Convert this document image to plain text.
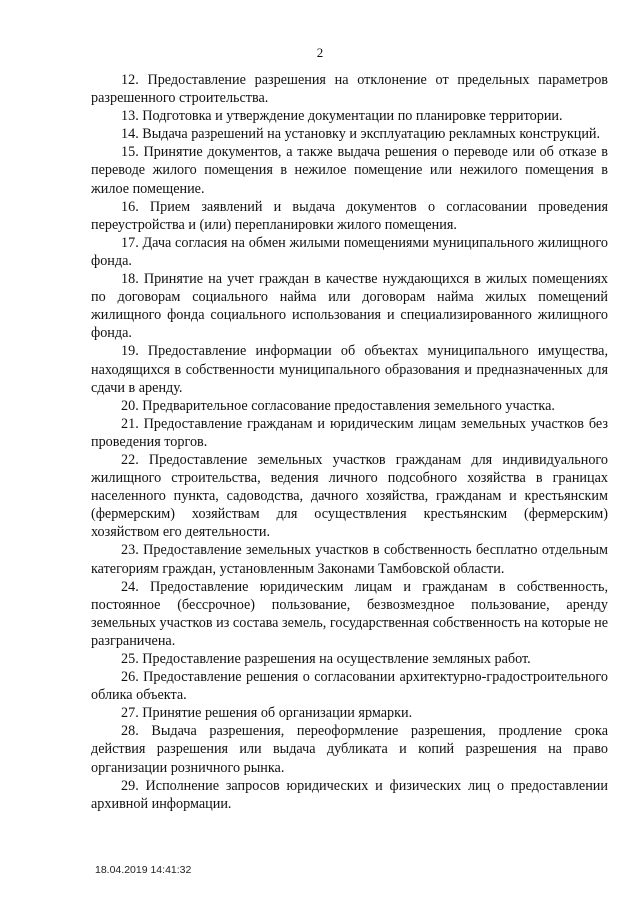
2

12. Предоставление разрешения на отклонение от предельных параметров разрешенного строительства.

13. Подготовка и утверждение документации по планировке территории.

14. Выдача разрешений на установку и эксплуатацию рекламных конструкций.

15. Принятие документов, а также выдача решения о переводе или об отказе в переводе жилого помещения в нежилое помещение или нежилого помещения в жилое помещение.

16. Прием заявлений и выдача документов о согласовании проведения переустройства и (или) перепланировки жилого помещения.

17. Дача согласия на обмен жилыми помещениями муниципального жилищного фонда.

18. Принятие на учет граждан в качестве нуждающихся в жилых помещениях по договорам социального найма или договорам найма жилых помещений жилищного фонда социального использования и специализированного жилищного фонда.

19. Предоставление информации об объектах муниципального имущества, находящихся в собственности муниципального образования и предназначенных для сдачи в аренду.

20. Предварительное согласование предоставления земельного участка.

21. Предоставление гражданам и юридическим лицам земельных участков без проведения торгов.

22. Предоставление земельных участков гражданам для индивидуального жилищного строительства, ведения личного подсобного хозяйства в границах населенного пункта, садоводства, дачного хозяйства, гражданам и крестьянским (фермерским) хозяйствам для осуществления крестьянским (фермерским) хозяйством его деятельности.

23. Предоставление земельных участков в собственность бесплатно отдельным категориям граждан, установленным Законами Тамбовской области.

24. Предоставление юридическим лицам и гражданам в собственность, постоянное (бессрочное) пользование, безвозмездное пользование, аренду земельных участков из состава земель, государственная собственность на которые не разграничена.

25. Предоставление разрешения на осуществление земляных работ.

26. Предоставление решения о согласовании архитектурно-градостроительного облика объекта.

27. Принятие решения об организации ярмарки.

28. Выдача разрешения, переоформление разрешения, продление срока действия разрешения или выдача дубликата и копий разрешения на право организации розничного рынка.

29. Исполнение запросов юридических и физических лиц о предоставлении архивной информации.

18.04.2019 14:41:32
